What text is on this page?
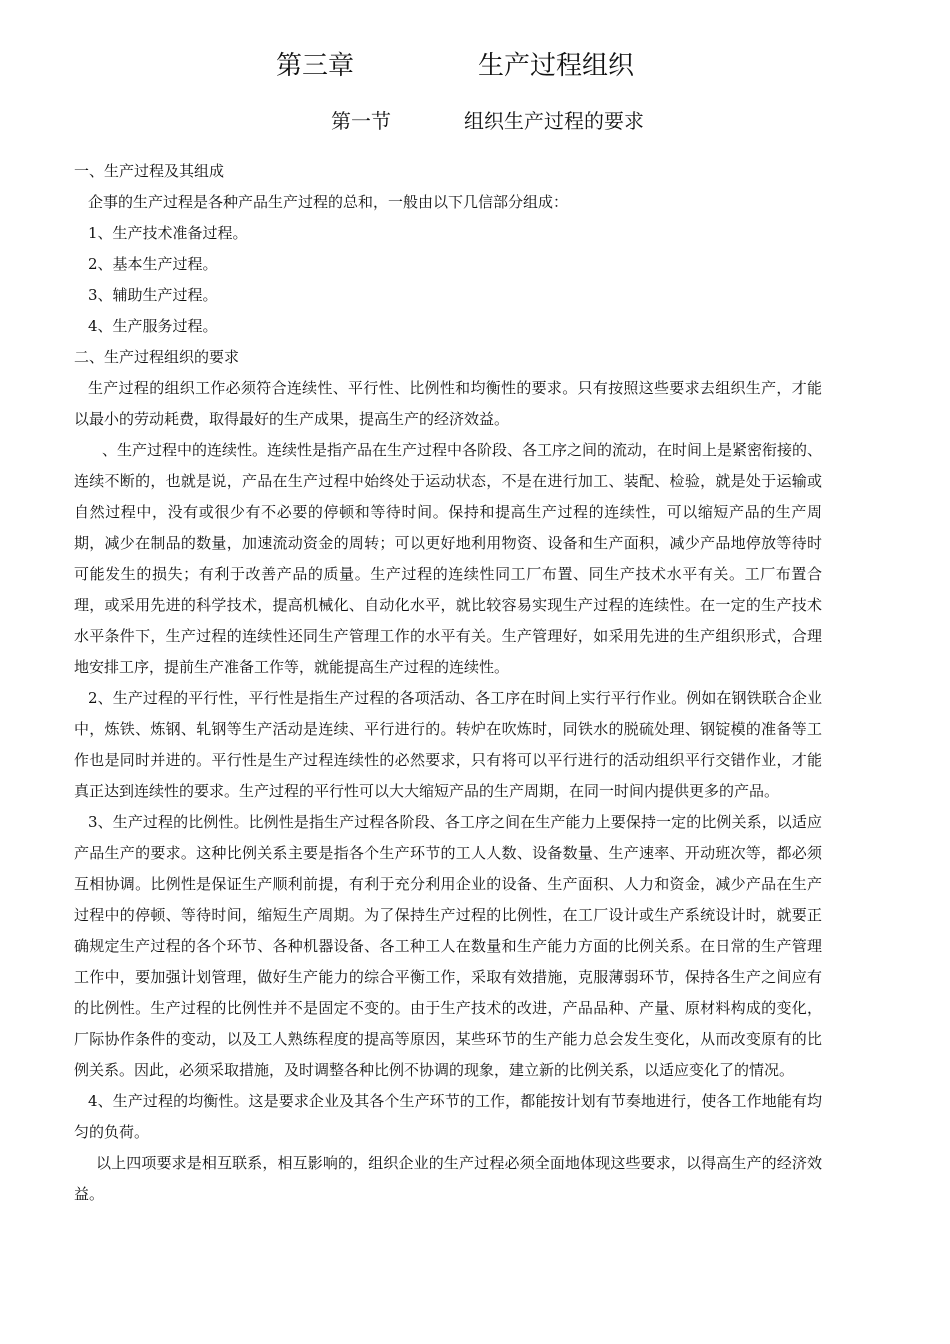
第三章	生产过程组织
第一节	组织生产过程的要求

一、生产过程及其组成

企事的生产过程是各种产品生产过程的总和，一般由以下几信部分组成：

1、生产技术准备过程。

2、基本生产过程。

3、辅助生产过程。

4、生产服务过程。

二、生产过程组织的要求

生产过程的组织工作必须符合连续性、平行性、比例性和均衡性的要求。只有按照这些要求去组织生产，才能以最小的劳动耗费，取得最好的生产成果，提高生产的经济效益。

、生产过程中的连续性。连续性是指产品在生产过程中各阶段、各工序之间的流动，在时间上是紧密衔接的、连续不断的，也就是说，产品在生产过程中始终处于运动状态，不是在进行加工、装配、检验，就是处于运输或自然过程中，没有或很少有不必要的停顿和等待时间。保持和提高生产过程的连续性，可以缩短产品的生产周期，减少在制品的数量，加速流动资金的周转；可以更好地利用物资、设备和生产面积，减少产品地停放等待时可能发生的损失；有利于改善产品的质量。生产过程的连续性同工厂布置、同生产技术水平有关。工厂布置合理，或采用先进的科学技术，提高机械化、自动化水平，就比较容易实现生产过程的连续性。在一定的生产技术水平条件下，生产过程的连续性还同生产管理工作的水平有关。生产管理好，如采用先进的生产组织形式，合理地安排工序，提前生产准备工作等，就能提高生产过程的连续性。

2、生产过程的平行性，平行性是指生产过程的各项活动、各工序在时间上实行平行作业。例如在钢铁联合企业中，炼铁、炼钢、轧钢等生产活动是连续、平行进行的。转炉在吹炼时，同铁水的脱硫处理、钢锭模的准备等工作也是同时并进的。平行性是生产过程连续性的必然要求，只有将可以平行进行的活动组织平行交错作业，才能真正达到连续性的要求。生产过程的平行性可以大大缩短产品的生产周期，在同一时间内提供更多的产品。

3、生产过程的比例性。比例性是指生产过程各阶段、各工序之间在生产能力上要保持一定的比例关系，以适应产品生产的要求。这种比例关系主要是指各个生产环节的工人人数、设备数量、生产速率、开动班次等，都必须互相协调。比例性是保证生产顺利前提，有利于充分利用企业的设备、生产面积、人力和资金，减少产品在生产过程中的停顿、等待时间，缩短生产周期。为了保持生产过程的比例性，在工厂设计或生产系统设计时，就要正确规定生产过程的各个环节、各种机器设备、各工种工人在数量和生产能力方面的比例关系。在日常的生产管理工作中，要加强计划管理，做好生产能力的综合平衡工作，采取有效措施，克服薄弱环节，保持各生产之间应有的比例性。生产过程的比例性并不是固定不变的。由于生产技术的改进，产品品种、产量、原材料构成的变化，厂际协作条件的变动，以及工人熟练程度的提高等原因，某些环节的生产能力总会发生变化，从而改变原有的比例关系。因此，必须采取措施，及时调整各种比例不协调的现象，建立新的比例关系，以适应变化了的情况。

4、生产过程的均衡性。这是要求企业及其各个生产环节的工作，都能按计划有节奏地进行，使各工作地能有均匀的负荷。

以上四项要求是相互联系，相互影响的，组织企业的生产过程必须全面地体现这些要求，以得高生产的经济效益。
